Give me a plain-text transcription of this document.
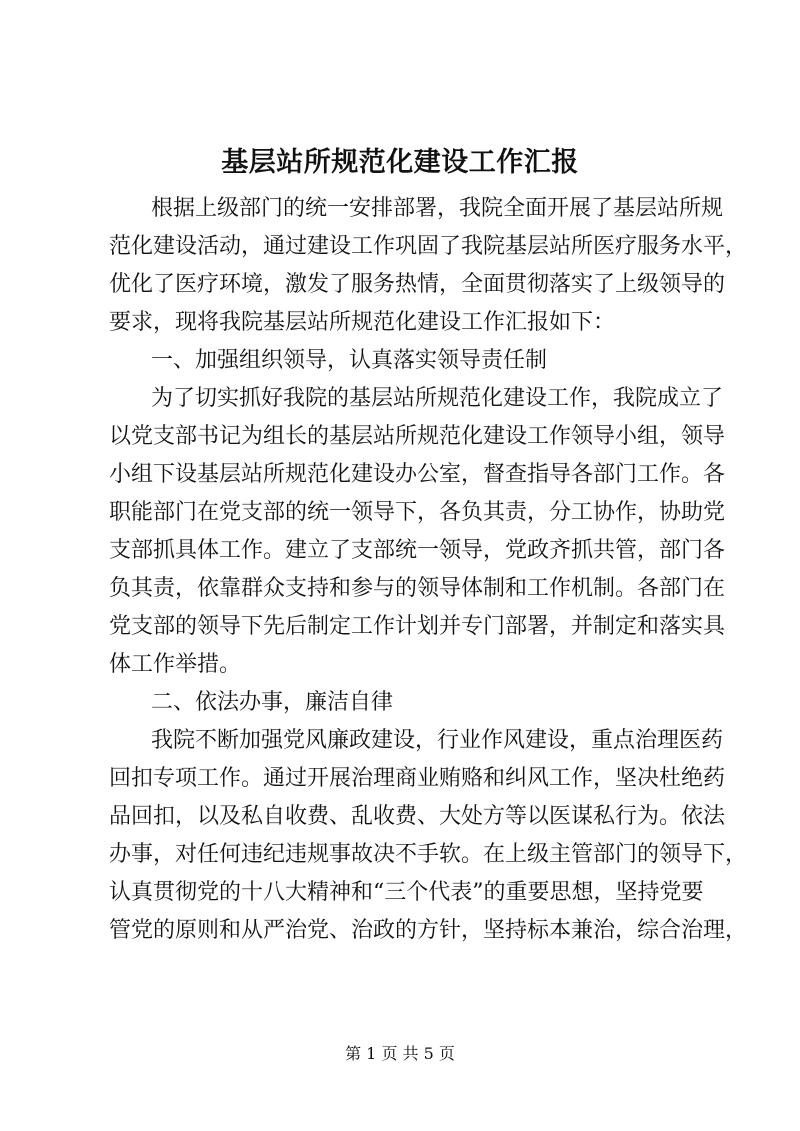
基层站所规范化建设工作汇报
根据上级部门的统一安排部署，我院全面开展了基层站所规
范化建设活动，通过建设工作巩固了我院基层站所医疗服务水平，
优化了医疗环境，激发了服务热情，全面贯彻落实了上级领导的
要求，现将我院基层站所规范化建设工作汇报如下：
一、加强组织领导，认真落实领导责任制
为了切实抓好我院的基层站所规范化建设工作，我院成立了
以党支部书记为组长的基层站所规范化建设工作领导小组，领导
小组下设基层站所规范化建设办公室，督查指导各部门工作。各
职能部门在党支部的统一领导下，各负其责，分工协作，协助党
支部抓具体工作。建立了支部统一领导，党政齐抓共管，部门各
负其责，依靠群众支持和参与的领导体制和工作机制。各部门在
党支部的领导下先后制定工作计划并专门部署，并制定和落实具
体工作举措。
二、依法办事，廉洁自律
我院不断加强党风廉政建设，行业作风建设，重点治理医药
回扣专项工作。通过开展治理商业贿赂和纠风工作，坚决杜绝药
品回扣，以及私自收费、乱收费、大处方等以医谋私行为。依法
办事，对任何违纪违规事故决不手软。在上级主管部门的领导下，
认真贯彻党的十八大精神和“三个代表”的重要思想，坚持党要
管党的原则和从严治党、治政的方针，坚持标本兼治，综合治理，
第 1 页 共 5 页
